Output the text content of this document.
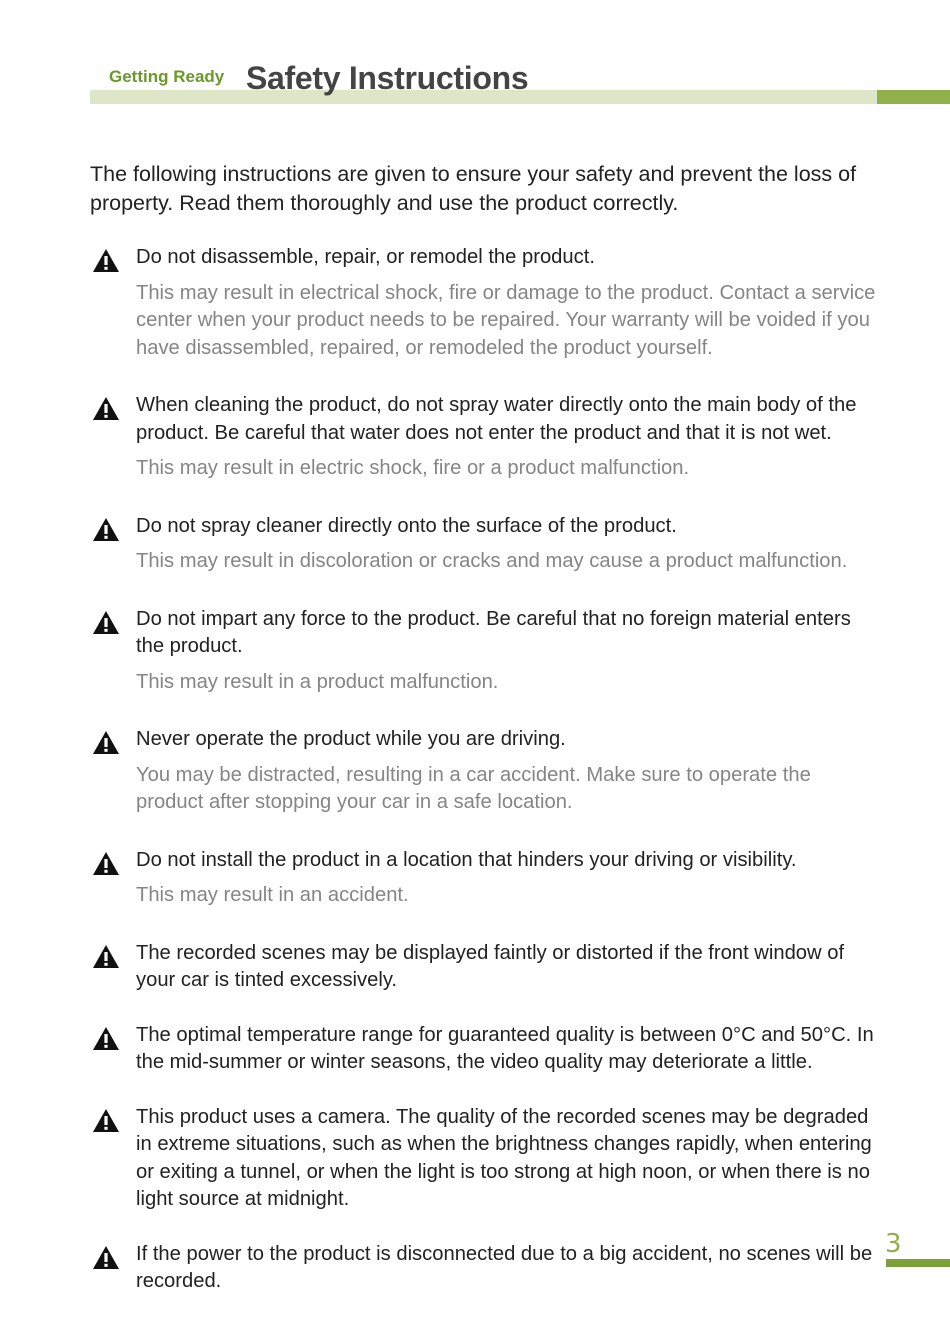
Getting Ready Safety Instructions

The following instructions are given to ensure your safety and prevent the loss of property. Read them thoroughly and use the product correctly.

Do not disassemble, repair, or remodel the product.
This may result in electrical shock, fire or damage to the product. Contact a service center when your product needs to be repaired. Your warranty will be voided if you have disassembled, repaired, or remodeled the product yourself.
When cleaning the product, do not spray water directly onto the main body of the product. Be careful that water does not enter the product and that it is not wet.
This may result in electric shock, fire or a product malfunction.
Do not spray cleaner directly onto the surface of the product.
This may result in discoloration or cracks and may cause a product malfunction.
Do not impart any force to the product. Be careful that no foreign material enters the product.
This may result in a product malfunction.
Never operate the product while you are driving.
You may be distracted, resulting in a car accident. Make sure to operate the product after stopping your car in a safe location.
Do not install the product in a location that hinders your driving or visibility.
This may result in an accident.
The recorded scenes may be displayed faintly or distorted if the front window of your car is tinted excessively.
The optimal temperature range for guaranteed quality is between 0°C and 50°C. In the mid-summer or winter seasons, the video quality may deteriorate a little.
This product uses a camera. The quality of the recorded scenes may be degraded in extreme situations, such as when the brightness changes rapidly, when entering or exiting a tunnel, or when the light is too strong at high noon, or when there is no light source at midnight.
If the power to the product is disconnected due to a big accident, no scenes will be recorded.
3
